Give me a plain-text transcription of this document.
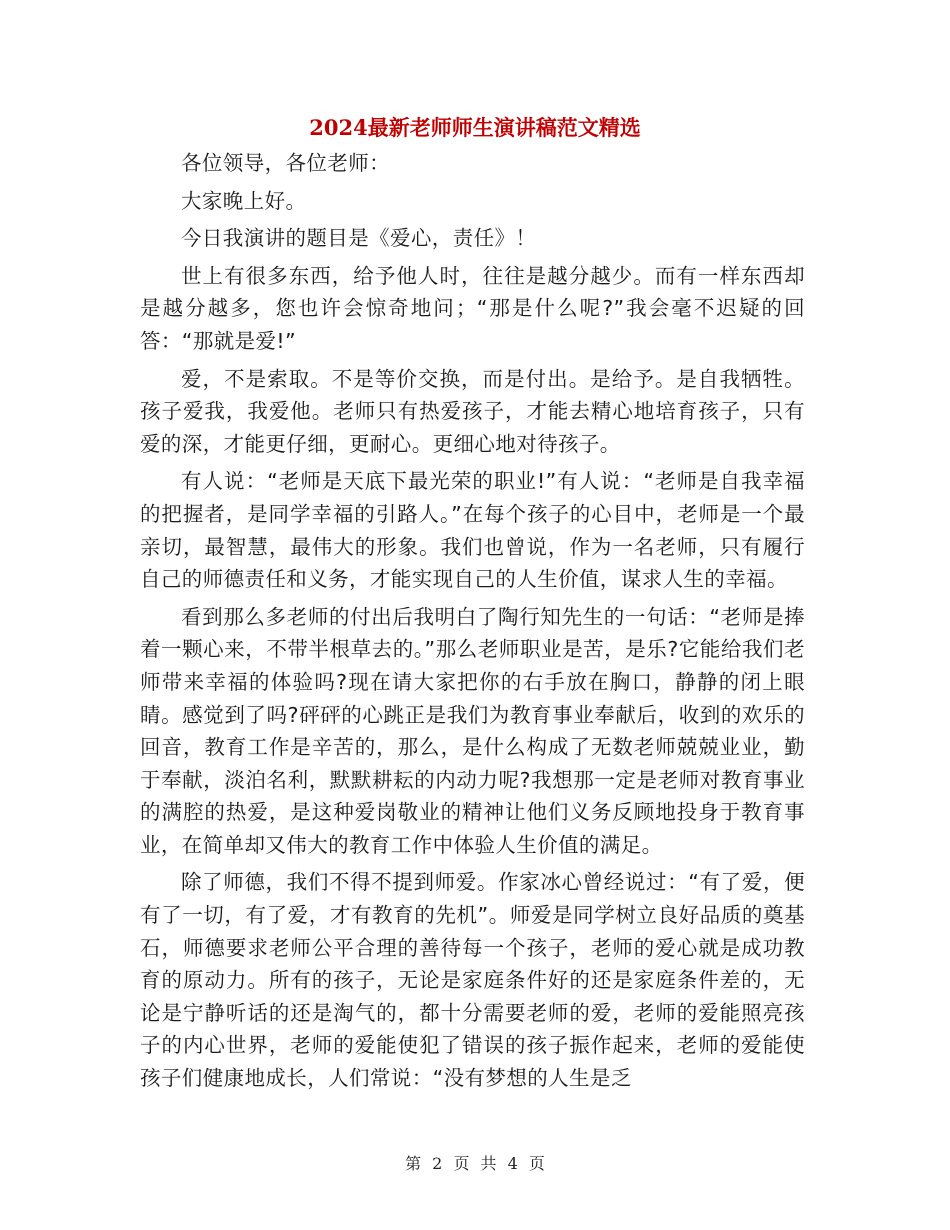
2024最新老师师生演讲稿范文精选

各位领导，各位老师：

大家晚上好。

今日我演讲的题目是《爱心，责任》！

世上有很多东西，给予他人时，往往是越分越少。而有一样东西却是越分越多，您也许会惊奇地问；“那是什么呢?”我会毫不迟疑的回答：“那就是爱!”

爱，不是索取。不是等价交换，而是付出。是给予。是自我牺牲。孩子爱我，我爱他。老师只有热爱孩子，才能去精心地培育孩子，只有爱的深，才能更仔细，更耐心。更细心地对待孩子。

有人说：“老师是天底下最光荣的职业!”有人说：“老师是自我幸福的把握者，是同学幸福的引路人。”在每个孩子的心目中，老师是一个最亲切，最智慧，最伟大的形象。我们也曾说，作为一名老师，只有履行自己的师德责任和义务，才能实现自己的人生价值，谋求人生的幸福。

看到那么多老师的付出后我明白了陶行知先生的一句话：“老师是捧着一颗心来，不带半根草去的。”那么老师职业是苦，是乐?它能给我们老师带来幸福的体验吗?现在请大家把你的右手放在胸口，静静的闭上眼睛。感觉到了吗?砰砰的心跳正是我们为教育事业奉献后，收到的欢乐的回音，教育工作是辛苦的，那么，是什么构成了无数老师兢兢业业，勤于奉献，淡泊名利，默默耕耘的内动力呢?我想那一定是老师对教育事业的满腔的热爱，是这种爱岗敬业的精神让他们义务反顾地投身于教育事业，在简单却又伟大的教育工作中体验人生价值的满足。

除了师德，我们不得不提到师爱。作家冰心曾经说过：“有了爱，便有了一切，有了爱，才有教育的先机”。师爱是同学树立良好品质的奠基石，师德要求老师公平合理的善待每一个孩子，老师的爱心就是成功教育的原动力。所有的孩子，无论是家庭条件好的还是家庭条件差的，无论是宁静听话的还是淘气的，都十分需要老师的爱，老师的爱能照亮孩子的内心世界，老师的爱能使犯了错误的孩子振作起来，老师的爱能使孩子们健康地成长，人们常说：“没有梦想的人生是乏

第 2 页 共 4 页
